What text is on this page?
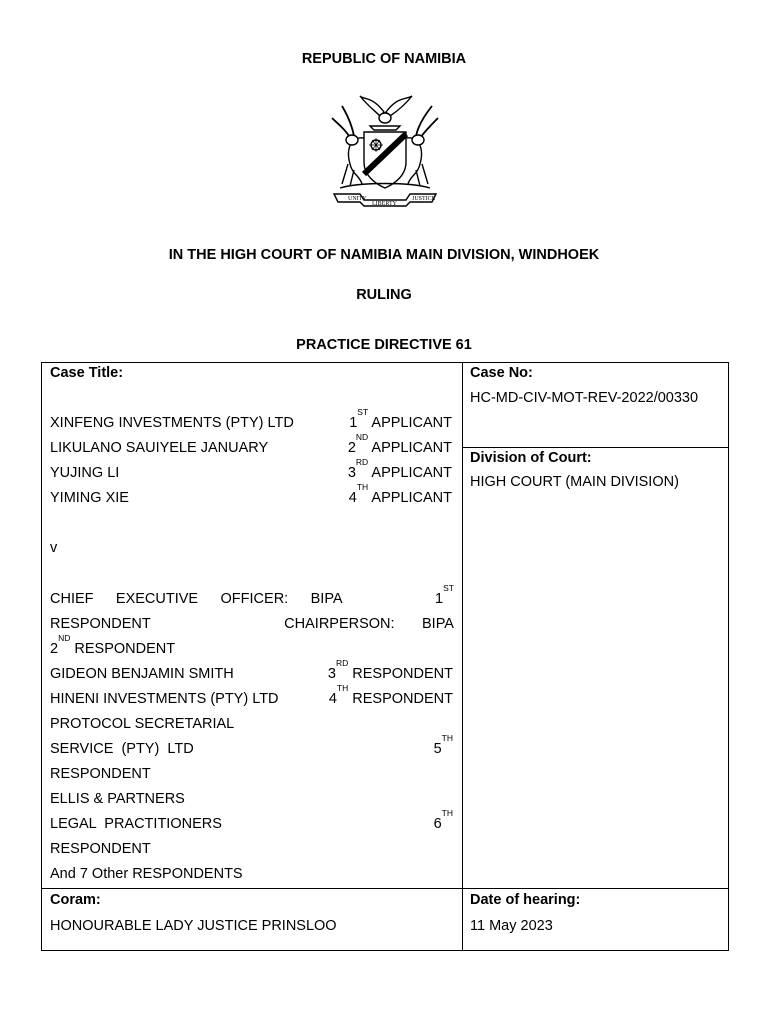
REPUBLIC OF NAMIBIA
UNITY
LIBERTY
JUSTICE
IN THE HIGH COURT OF NAMIBIA MAIN DIVISION, WINDHOEK
RULING
PRACTICE DIRECTIVE 61
Case Title:
XINFENG INVESTMENTS (PTY) LTD	1ST APPLICANT
LIKULANO SAUIYELE JANUARY	2ND APPLICANT
YUJING LI	3RD APPLICANT
YIMING XIE	4TH APPLICANT
v
CHIEF EXECUTIVE OFFICER: BIPA	1ST
RESPONDENT	CHAIRPERSON: BIPA
2ND RESPONDENT
GIDEON BENJAMIN SMITH	3RD RESPONDENT
HINENI INVESTMENTS (PTY) LTD	4TH RESPONDENT
PROTOCOL SECRETARIAL
SERVICE  (PTY)  LTD	5TH
RESPONDENT
ELLIS & PARTNERS
LEGAL  PRACTITIONERS	6TH
RESPONDENT
And 7 Other RESPONDENTS
Case No:
HC-MD-CIV-MOT-REV-2022/00330
Division of Court:
HIGH COURT (MAIN DIVISION)
Coram:
HONOURABLE LADY JUSTICE PRINSLOO
Date of hearing:
11 May 2023
